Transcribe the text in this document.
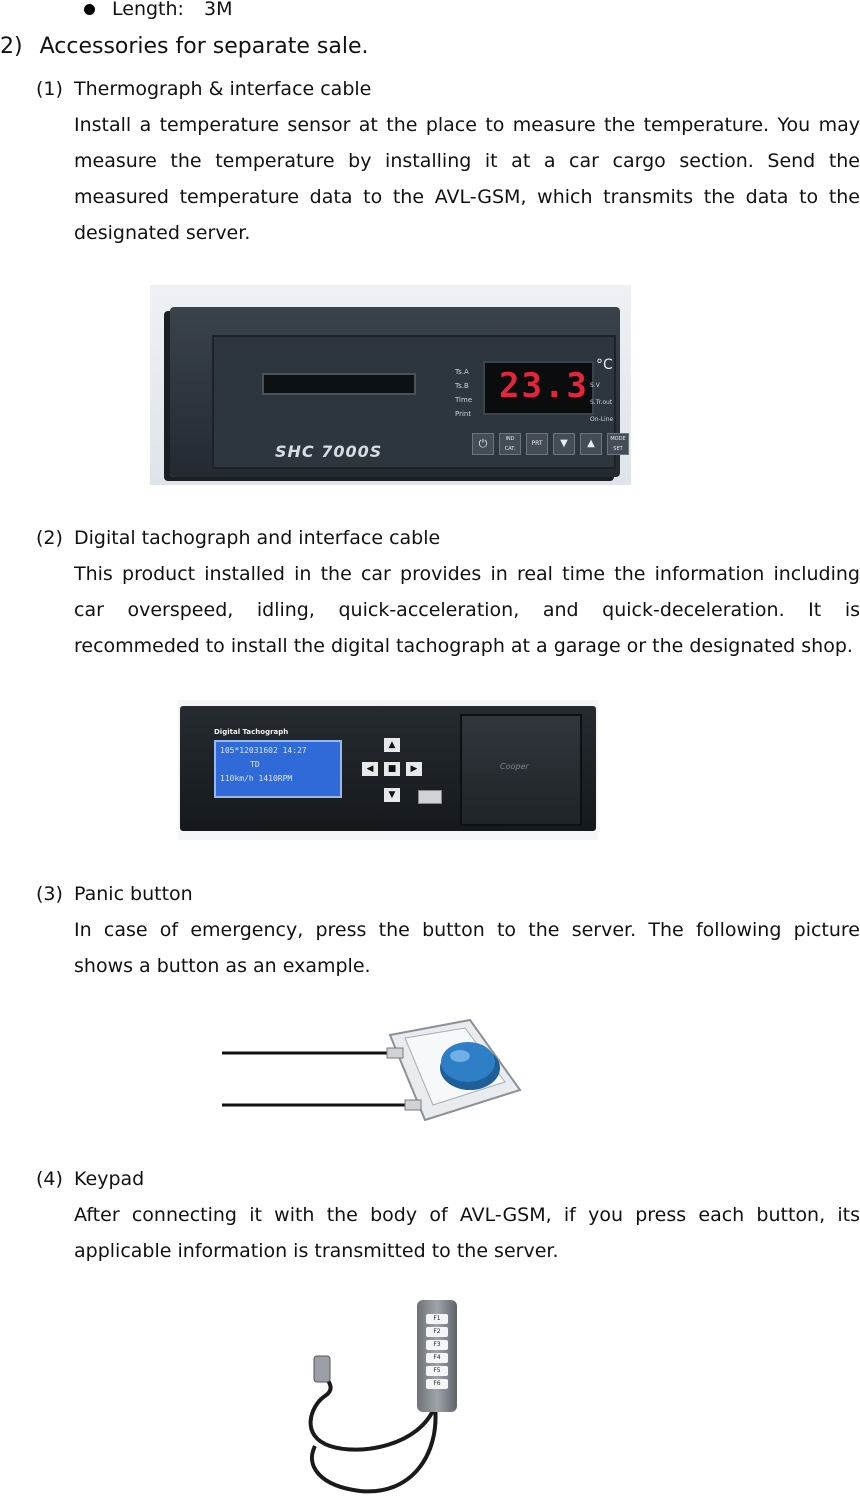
Length: 3M
2) Accessories for separate sale.
(1) Thermograph & interface cable
Install a temperature sensor at the place to measure the temperature. You may
measure the temperature by installing it at a car cargo section. Send the
measured temperature data to the AVL-GSM, which transmits the data to the
designated server.
SHC 7000S
Ts.A
Ts.B
Time
Print
23.3
°C
S.V
S.Tr.out
On-Line
⏻	IND CAT.
PRT	▼	▲	MODE SET
(2) Digital tachograph and interface cable
This product installed in the car provides in real time the information including
car overspeed, idling, quick-acceleration, and quick-deceleration. It is
recommeded to install the digital tachograph at a garage or the designated shop.
Digital Tachograph
105*12031602 14:27
TD
110km/h 1410RPM
▲
◀	■	▶
▼
Cooper
(3) Panic button
In case of emergency, press the button to the server. The following picture
shows a button as an example.
(4) Keypad
After connecting it with the body of AVL-GSM, if you press each button, its
applicable information is transmitted to the server.
F1
F2
F3
F4
F5
F6
